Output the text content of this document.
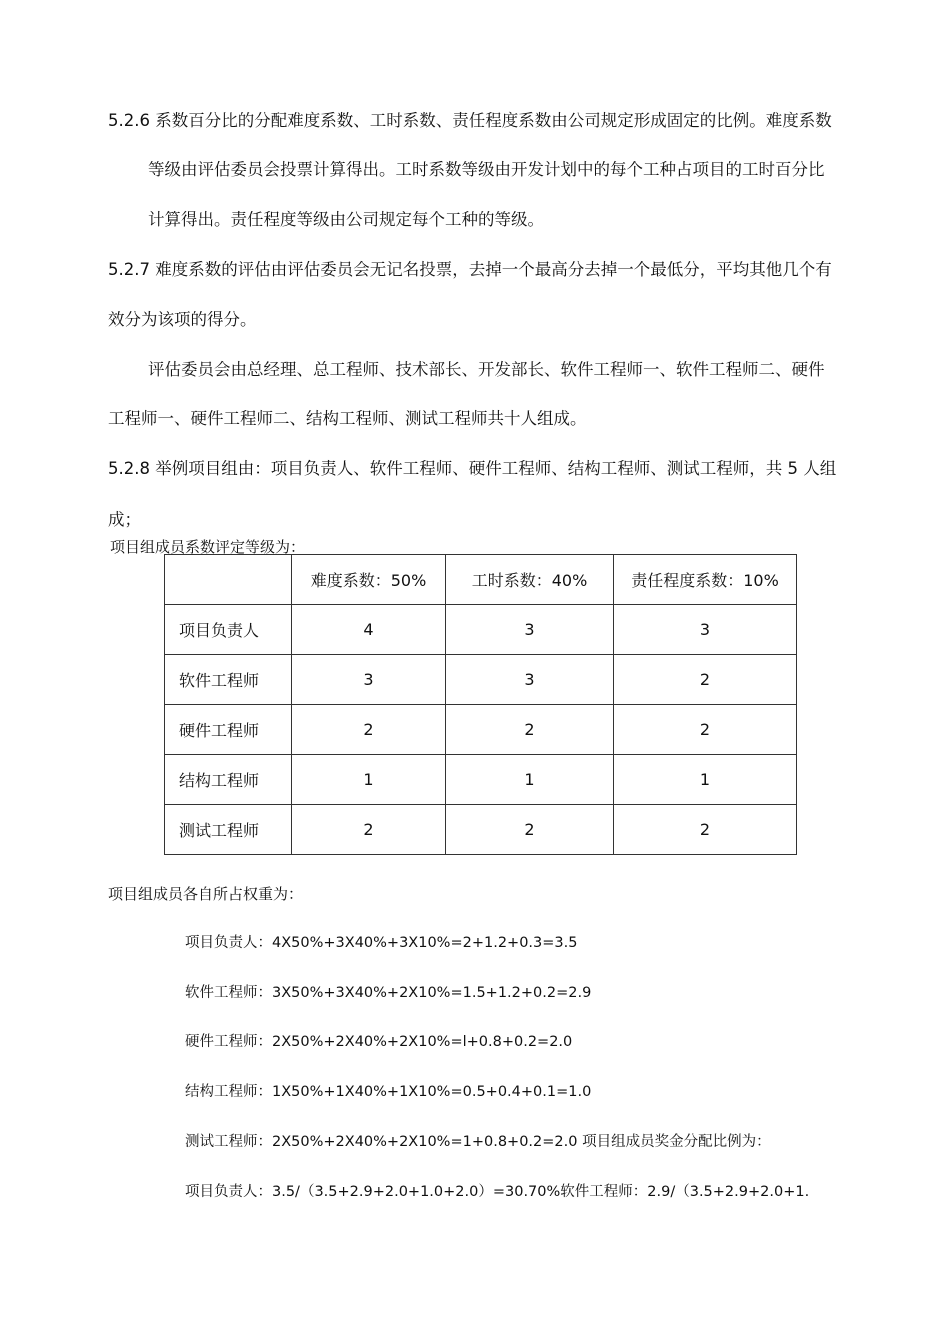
5.2.6 系数百分比的分配难度系数、工时系数、责任程度系数由公司规定形成固定的比例。难度系数
等级由评估委员会投票计算得出。工时系数等级由开发计划中的每个工种占项目的工时百分比
计算得出。责任程度等级由公司规定每个工种的等级。
5.2.7 难度系数的评估由评估委员会无记名投票，去掉一个最高分去掉一个最低分，平均其他几个有
效分为该项的得分。
评估委员会由总经理、总工程师、技术部长、开发部长、软件工程师一、软件工程师二、硬件
工程师一、硬件工程师二、结构工程师、测试工程师共十人组成。
5.2.8 举例项目组由：项目负责人、软件工程师、硬件工程师、结构工程师、测试工程师，共 5 人组
成；
项目组成员系数评定等级为：
	难度系数：50%	工时系数：40%	责任程度系数：10%
项目负责人	4	3	3
软件工程师	3	3	2
硬件工程师	2	2	2
结构工程师	1	1	1
测试工程师	2	2	2
项目组成员各自所占权重为：
项目负责人：4X50%+3X40%+3X10%=2+1.2+0.3=3.5
软件工程师：3X50%+3X40%+2X10%=1.5+1.2+0.2=2.9
硬件工程师：2X50%+2X40%+2X10%=l+0.8+0.2=2.0
结构工程师：1X50%+1X40%+1X10%=0.5+0.4+0.1=1.0
测试工程师：2X50%+2X40%+2X10%=1+0.8+0.2=2.0 项目组成员奖金分配比例为：
项目负责人：3.5/（3.5+2.9+2.0+1.0+2.0）=30.70%软件工程师：2.9/（3.5+2.9+2.0+1.
